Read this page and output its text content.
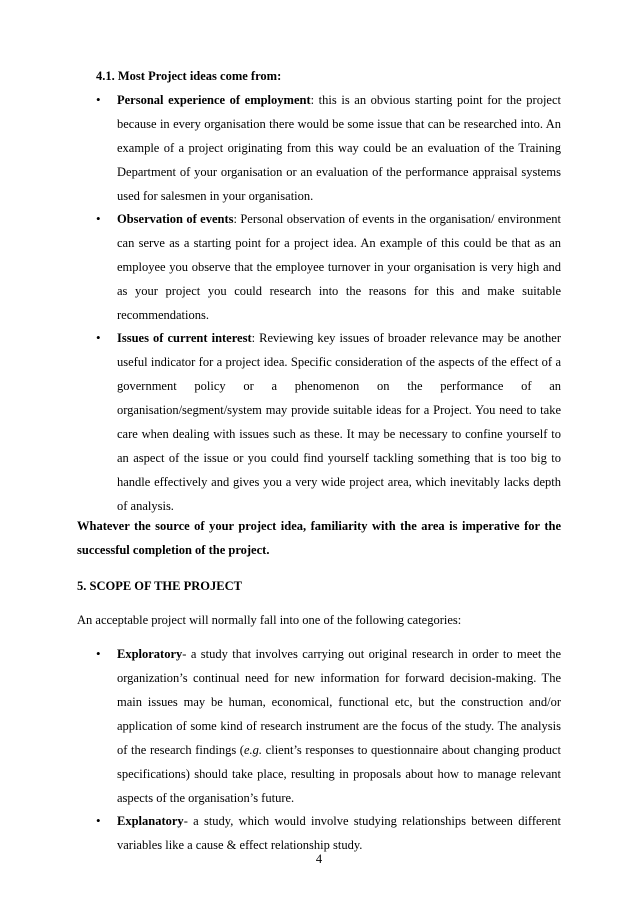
4.1. Most Project ideas come from:
•	Personal experience of employment: this is an obvious starting point for the project because in every organisation there would be some issue that can be researched into. An example of a project originating from this way could be an evaluation of the Training Department of your organisation or an evaluation of the performance appraisal systems used for salesmen in your organisation.
•	Observation of events: Personal observation of events in the organisation/ environment can serve as a starting point for a project idea. An example of this could be that as an employee you observe that the employee turnover in your organisation is very high and as your project you could research into the reasons for this and make suitable recommendations.
•	Issues of current interest: Reviewing key issues of broader relevance may be another useful indicator for a project idea. Specific consideration of the aspects of the effect of a government policy or a phenomenon on the performance of an organisation/segment/system may provide suitable ideas for a Project. You need to take care when dealing with issues such as these. It may be necessary to confine yourself to an aspect of the issue or you could find yourself tackling something that is too big to handle effectively and gives you a very wide project area, which inevitably lacks depth of analysis.
Whatever the source of your project idea, familiarity with the area is imperative for the successful completion of the project.
5. SCOPE OF THE PROJECT
An acceptable project will normally fall into one of the following categories:
•	Exploratory- a study that involves carrying out original research in order to meet the organization’s continual need for new information for forward decision-making. The main issues may be human, economical, functional etc, but the construction and/or application of some kind of research instrument are the focus of the study. The analysis of the research findings (e.g. client’s responses to questionnaire about changing product specifications) should take place, resulting in proposals about how to manage relevant aspects of the organisation’s future.
•	Explanatory- a study, which would involve studying relationships between different variables like a cause & effect relationship study.
4
